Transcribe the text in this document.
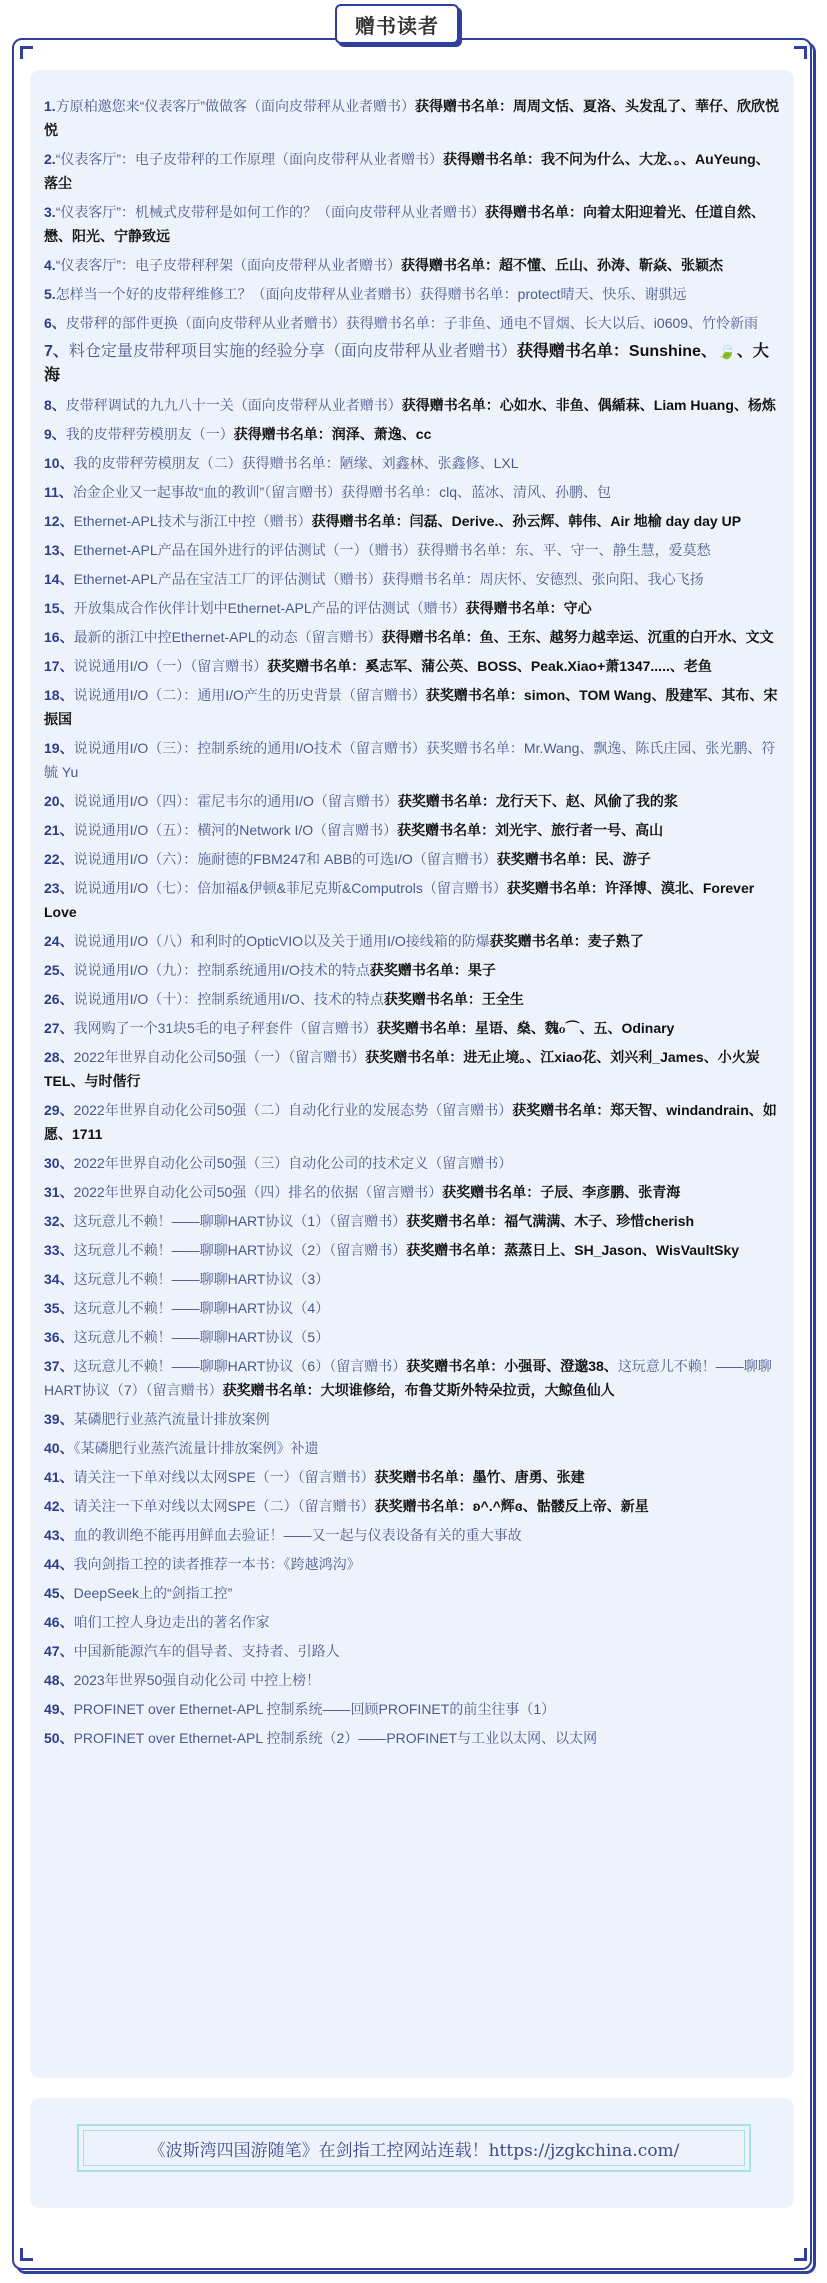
赠书读者
1.方原柏邀您来“仪表客厅”做做客（面向皮带秤从业者赠书）获得赠书名单：周周文恬、夏洛、头发乱了、華仔、欣欣悦悦
2.“仪表客厅”：电子皮带秤的工作原理（面向皮带秤从业者赠书）获得赠书名单：我不问为什么、大龙、。、AuYeung、落尘
3.“仪表客厅”：机械式皮带秤是如何工作的？（面向皮带秤从业者赠书）获得赠书名单：向着太阳迎着光、任道自然、懋、阳光、宁静致远
4.“仪表客厅”：电子皮带秤秤架（面向皮带秤从业者赠书）获得赠书名单：超不懂、丘山、孙涛、靳焱、张颖杰
5.怎样当一个好的皮带秤维修工？（面向皮带秤从业者赠书）获得赠书名单：protect晴天、快乐、谢骐远
6、皮带秤的部件更换（面向皮带秤从业者赠书）获得赠书名单：子非鱼、通电不冒烟、长大以后、i0609、竹怜新雨
7、料仓定量皮带秤项目实施的经验分享（面向皮带秤从业者赠书）获得赠书名单：Sunshine、🍃、大海
8、皮带秤调试的九九八十一关（面向皮带秤从业者赠书）获得赠书名单：心如水、非鱼、偶䋸菻、Liam Huang、杨炼
9、我的皮带秤劳模朋友（一）获得赠书名单：润泽、萧逸、cc
10、我的皮带秤劳模朋友（二）获得赠书名单：陋缘、刘鑫林、张鑫修、LXL
11、冶金企业又一起事故“血的教训”（留言赠书）获得赠书名单：clq、蓝冰、清风、孙鹏、包
12、Ethernet-APL技术与浙江中控（赠书）获得赠书名单：闫磊、Derive.、孙云辉、韩伟、Air 地榆 day day UP
13、Ethernet-APL产品在国外进行的评估测试（一）（赠书）获得赠书名单：东、平、守一、静生慧，爱莫愁
14、Ethernet-APL产品在宝洁工厂的评估测试（赠书）获得赠书名单：周庆怀、安德烈、张向阳、我心飞扬
15、开放集成合作伙伴计划中Ethernet-APL产品的评估测试（赠书）获得赠书名单：守心
16、最新的浙江中控Ethernet-APL的动态（留言赠书）获得赠书名单：鱼、王东、越努力越幸运、沉重的白开水、文文
17、说说通用I/O（一）（留言赠书）获奖赠书名单：奚志军、蒲公英、BOSS、Peak.Xiao+萧1347.....、老鱼
18、说说通用I/O（二）：通用I/O产生的历史背景（留言赠书）获奖赠书名单：simon、TOM Wang、殷建军、其布、宋振国
19、说说通用I/O（三）：控制系统的通用I/O技术（留言赠书）获奖赠书名单：Mr.Wang、飘逸、陈氏庄园、张光鹏、符毓 Yu
20、说说通用I/O（四）：霍尼韦尔的通用I/O（留言赠书）获奖赠书名单：龙行天下、赵、风偷了我的浆
21、说说通用I/O（五）：横河的Network I/O（留言赠书）获奖赠书名单：刘光宇、旅行者一号、高山
22、说说通用I/O（六）：施耐德的FBM247和 ABB的可选I/O（留言赠书）获奖赠书名单：民、游子
23、说说通用I/O（七）：倍加福&伊顿&菲尼克斯&Computrols（留言赠书）获奖赠书名单：许泽博、漠北、Forever Love
24、说说通用I/O（八）和利时的OpticVIO以及关于通用I/O接线箱的防爆获奖赠书名单：麦子熟了
25、说说通用I/O（九）：控制系统通用I/O技术的特点获奖赠书名单：果子
26、说说通用I/O（十）：控制系统通用I/O、技术的特点获奖赠书名单：王全生
27、我网购了一个31块5毛的电子秤套件（留言赠书）获奖赠书名单：星语、燊、魏ℴ⌒、五、Odinary
28、2022年世界自动化公司50强（一）（留言赠书）获奖赠书名单：进无止境。、江xiao花、刘兴利_James、小火炭TEL、与时偕行
29、2022年世界自动化公司50强（二）自动化行业的发展态势（留言赠书）获奖赠书名单：郑天智、windandrain、如愿、1711
30、2022年世界自动化公司50强（三）自动化公司的技术定义（留言赠书）
31、2022年世界自动化公司50强（四）排名的依据（留言赠书）获奖赠书名单：子辰、李彦鹏、张青海
32、这玩意儿不赖！——聊聊HART协议（1）（留言赠书）获奖赠书名单：福气满满、木子、珍惜cherish
33、这玩意儿不赖！——聊聊HART协议（2）（留言赠书）获奖赠书名单：蒸蒸日上、SH_Jason、WisVaultSky
34、这玩意儿不赖！——聊聊HART协议（3）
35、这玩意儿不赖！——聊聊HART协议（4）
36、这玩意儿不赖！——聊聊HART协议（5）
37、这玩意儿不赖！——聊聊HART协议（6）（留言赠书）获奖赠书名单：小强哥、澄邈38、这玩意儿不赖！——聊聊HART协议（7）（留言赠书）获奖赠书名单：大坝谁修给，布鲁艾斯外特朵拉贡，大鲸鱼仙人
39、某磷肥行业蒸汽流量计排放案例
40、《某磷肥行业蒸汽流量计排放案例》补遗
41、请关注一下单对线以太网SPE（一）（留言赠书）获奖赠书名单：墨竹、唐勇、张建
42、请关注一下单对线以太网SPE（二）（留言赠书）获奖赠书名单：ʚ^.^辉ɞ、骷髅反上帝、新星
43、血的教训绝不能再用鲜血去验证！——又一起与仪表设备有关的重大事故
44、我向剑指工控的读者推荐一本书：《跨越鸿沟》
45、DeepSeek上的“剑指工控”
46、咱们工控人身边走出的著名作家
47、中国新能源汽车的倡导者、支持者、引路人
48、2023年世界50强自动化公司 中控上榜！
49、PROFINET over Ethernet-APL 控制系统——回顾PROFINET的前尘往事（1）
50、PROFINET over Ethernet-APL 控制系统（2）——PROFINET与工业以太网、以太网
《波斯湾四国游随笔》在剑指工控网站连载！https://jzgkchina.com/
